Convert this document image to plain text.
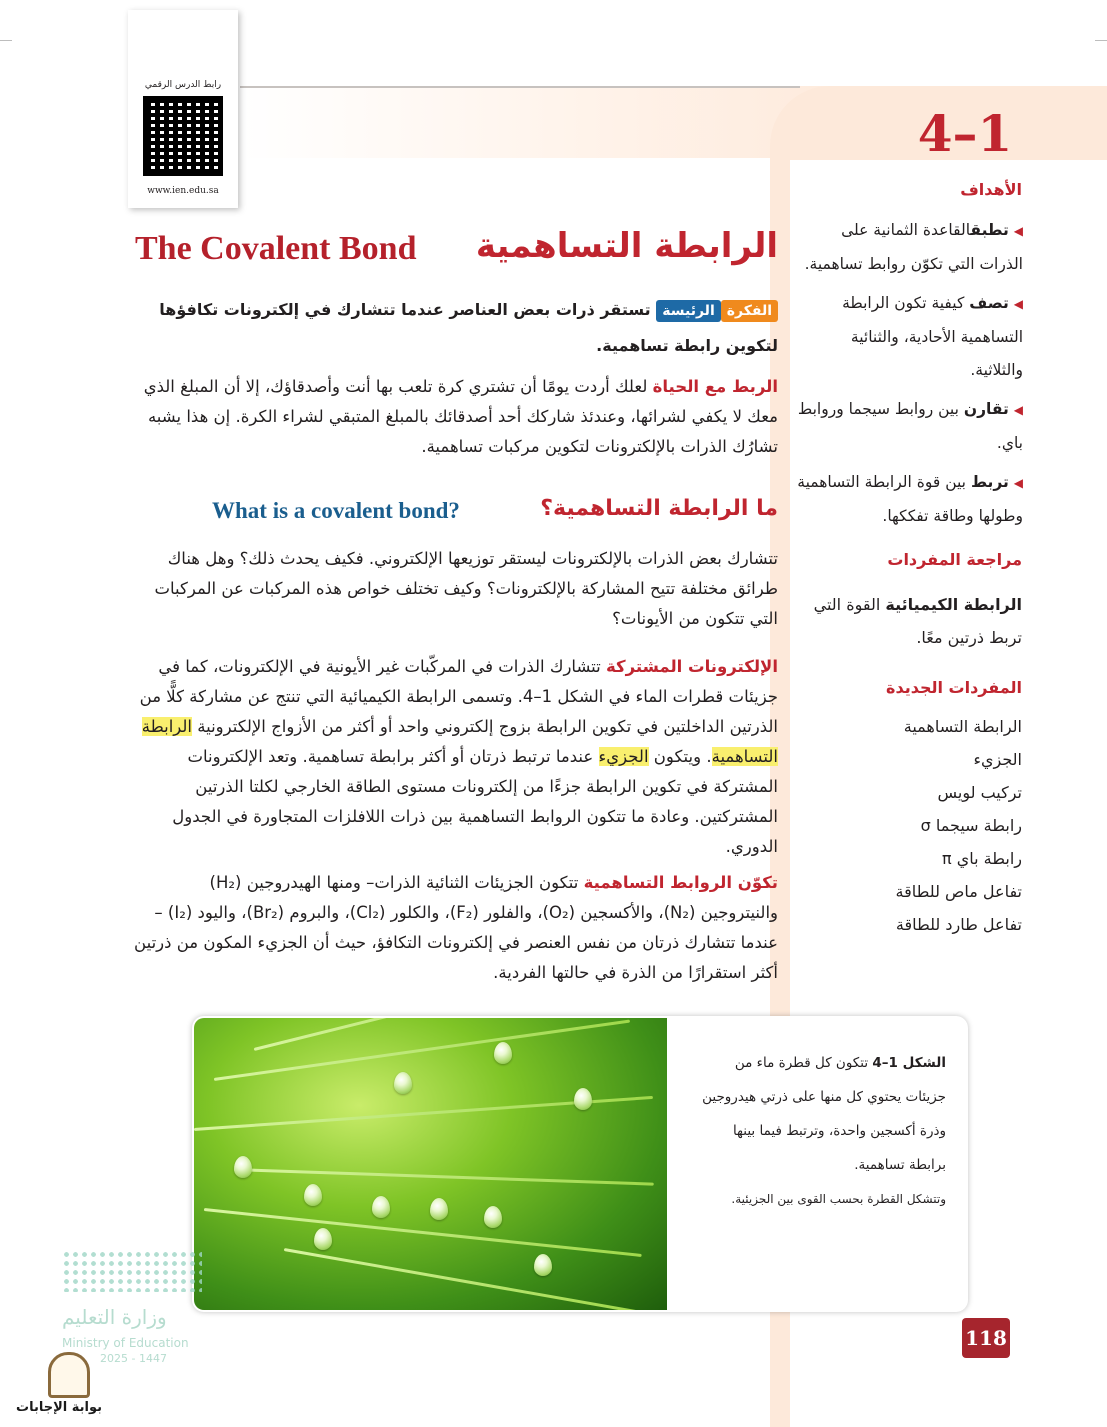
4–1
رابط الدرس الرقمي
www.ien.edu.sa
The Covalent Bond الرابطة التساهمية
الفكرةالرئيسة تستقر ذرات بعض العناصر عندما تتشارك في إلكترونات تكافؤها لتكوين رابطة تساهمية.
الربط مع الحياة لعلك أردت يومًا أن تشتري كرة تلعب بها أنت وأصدقاؤك، إلا أن المبلغ الذي معك لا يكفي لشرائها، وعندئذ شاركك أحد أصدقائك بالمبلغ المتبقي لشراء الكرة. إن هذا يشبه تشارُك الذرات بالإلكترونات لتكوين مركبات تساهمية.
ما الرابطة التساهمية؟
What is a covalent bond?
تتشارك بعض الذرات بالإلكترونات ليستقر توزيعها الإلكتروني. فكيف يحدث ذلك؟ وهل هناك طرائق مختلفة تتيح المشاركة بالإلكترونات؟ وكيف تختلف خواص هذه المركبات عن المركبات التي تتكون من الأيونات؟
الإلكترونات المشتركة تتشارك الذرات في المركّبات غير الأيونية في الإلكترونات، كما في جزيئات قطرات الماء في الشكل 1–4. وتسمى الرابطة الكيميائية التي تنتج عن مشاركة كلًّا من الذرتين الداخلتين في تكوين الرابطة بزوج إلكتروني واحد أو أكثر من الأزواج الإلكترونية الرابطة التساهمية. ويتكون الجزيء عندما ترتبط ذرتان أو أكثر برابطة تساهمية. وتعد الإلكترونات المشتركة في تكوين الرابطة جزءًا من إلكترونات مستوى الطاقة الخارجي لكلتا الذرتين المشتركتين. وعادة ما تتكون الروابط التساهمية بين ذرات اللافلزات المتجاورة في الجدول الدوري.
تكوّن الروابط التساهمية تتكون الجزيئات الثنائية الذرات– ومنها الهيدروجين (H₂) والنيتروجين (N₂)، والأكسجين (O₂)، والفلور (F₂)، والكلور (Cl₂)، والبروم (Br₂)، واليود (I₂) – عندما تتشارك ذرتان من نفس العنصر في إلكترونات التكافؤ، حيث أن الجزيء المكون من ذرتين أكثر استقرارًا من الذرة في حالتها الفردية.
الأهداف
◀ تطبقالقاعدة الثمانية على الذرات التي تكوّن روابط تساهمية.
◀ تصف كيفية تكون الرابطة التساهمية الأحادية، والثنائية والثلاثية.
◀ تقارن بين روابط سيجما وروابط باي.
◀ تربط بين قوة الرابطة التساهمية وطولها وطاقة تفككها.
مراجعة المفردات
الرابطة الكيميائية القوة التي تربط ذرتين معًا.
المفردات الجديدة
الرابطة التساهمية
الجزيء
تركيب لويس
رابطة سيجما σ
رابطة باي π
تفاعل ماص للطاقة
تفاعل طارد للطاقة
الشكل 1–4 تتكون كل قطرة ماء من جزيئات يحتوي كل منها على ذرتي هيدروجين وذرة أكسجين واحدة، وترتبط فيما بينها برابطة تساهمية.
وتتشكل القطرة بحسب القوى بين الجزيئية.
118
وزارة التعليم
Ministry of Education
2025 - 1447
بوابة الإجابات
